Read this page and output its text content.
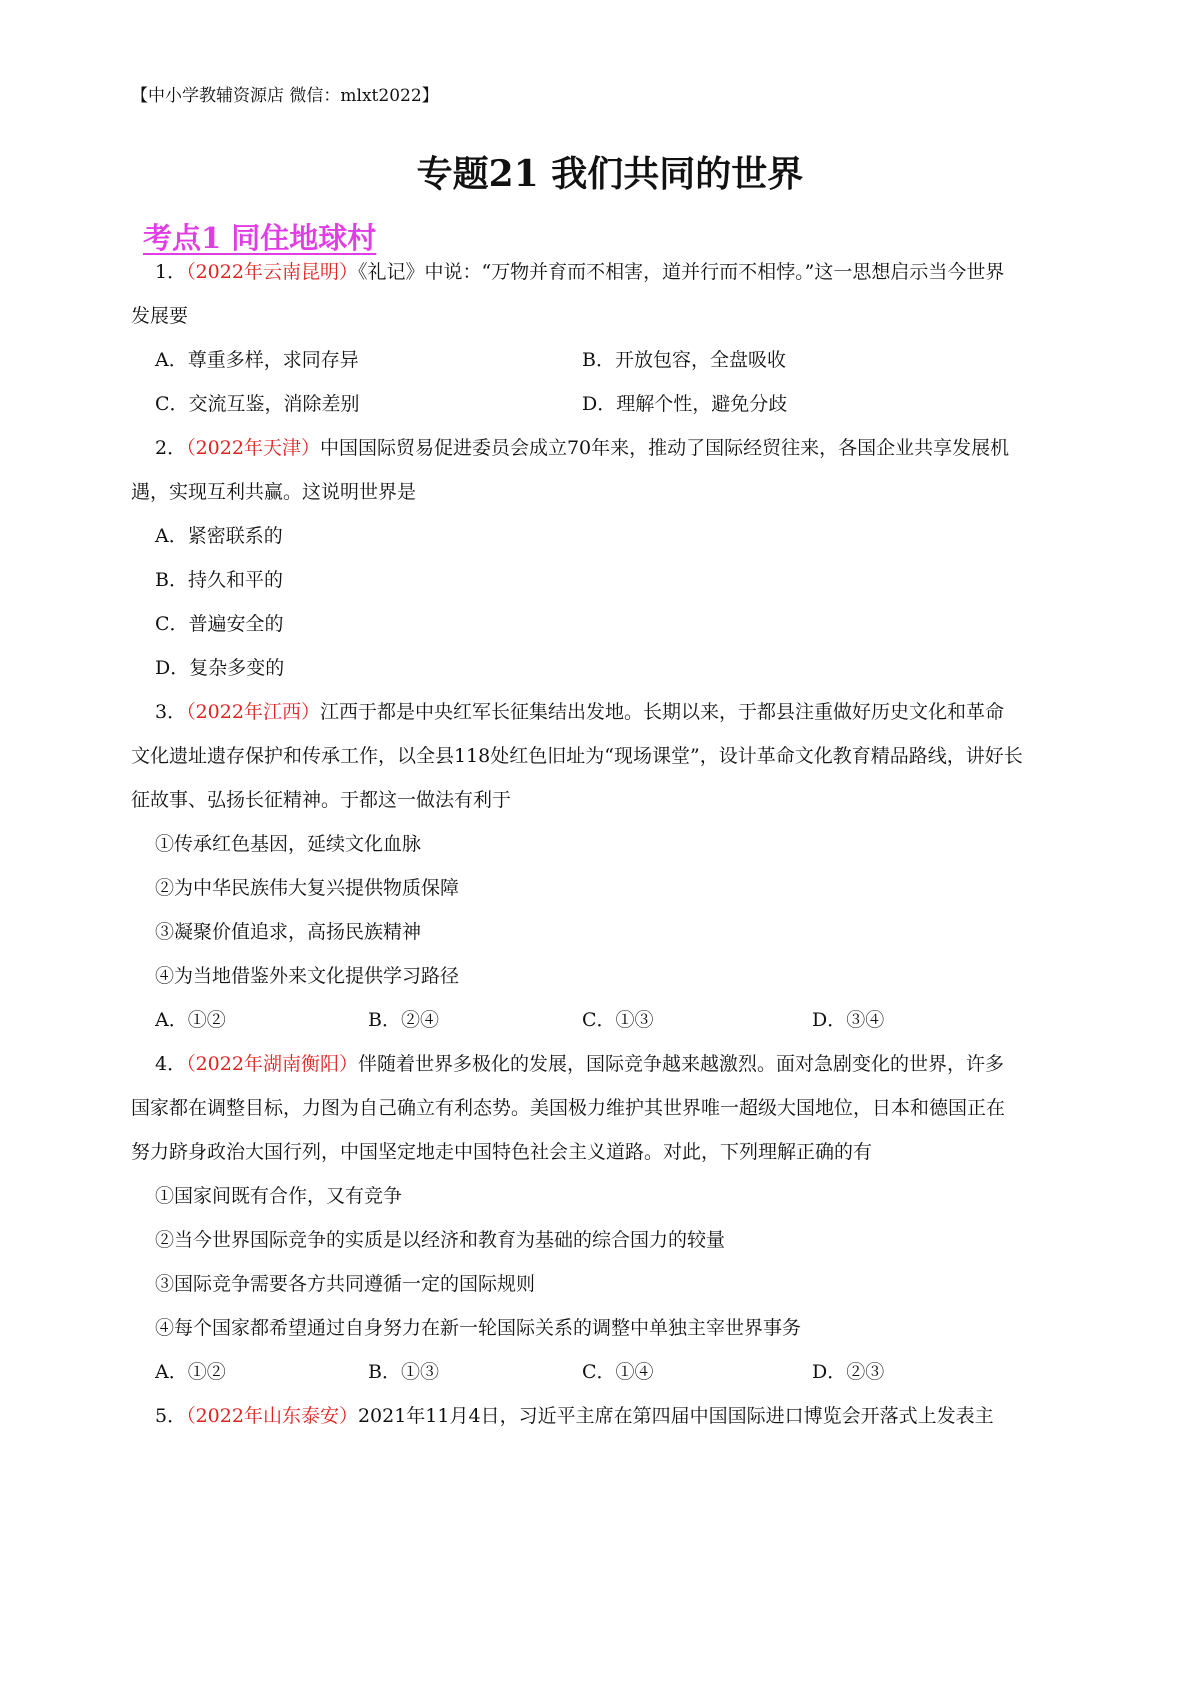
【中小学教辅资源店 微信：mlxt2022】
专题21 我们共同的世界
考点1 同住地球村
1．（2022年云南昆明）《礼记》中说：“万物并育而不相害，道并行而不相悖。”这一思想启示当今世界
发展要
A．尊重多样，求同存异	B．开放包容，全盘吸收
C．交流互鉴，消除差别	D．理解个性，避免分歧
2．（2022年天津）中国国际贸易促进委员会成立70年来，推动了国际经贸往来，各国企业共享发展机
遇，实现互利共赢。这说明世界是
A．紧密联系的
B．持久和平的
C．普遍安全的
D．复杂多变的
3．（2022年江西）江西于都是中央红军长征集结出发地。长期以来，于都县注重做好历史文化和革命
文化遗址遗存保护和传承工作，以全县118处红色旧址为“现场课堂”，设计革命文化教育精品路线，讲好长
征故事、弘扬长征精神。于都这一做法有利于
①传承红色基因，延续文化血脉
②为中华民族伟大复兴提供物质保障
③凝聚价值追求，高扬民族精神
④为当地借鉴外来文化提供学习路径
A．①②	B．②④	C．①③	D．③④
4．（2022年湖南衡阳）伴随着世界多极化的发展，国际竞争越来越激烈。面对急剧变化的世界，许多
国家都在调整目标，力图为自己确立有利态势。美国极力维护其世界唯一超级大国地位，日本和德国正在
努力跻身政治大国行列，中国坚定地走中国特色社会主义道路。对此，下列理解正确的有
①国家间既有合作，又有竞争
②当今世界国际竞争的实质是以经济和教育为基础的综合国力的较量
③国际竞争需要各方共同遵循一定的国际规则
④每个国家都希望通过自身努力在新一轮国际关系的调整中单独主宰世界事务
A．①②	B．①③	C．①④	D．②③
5．（2022年山东泰安）2021年11月4日，习近平主席在第四届中国国际进口博览会开落式上发表主
